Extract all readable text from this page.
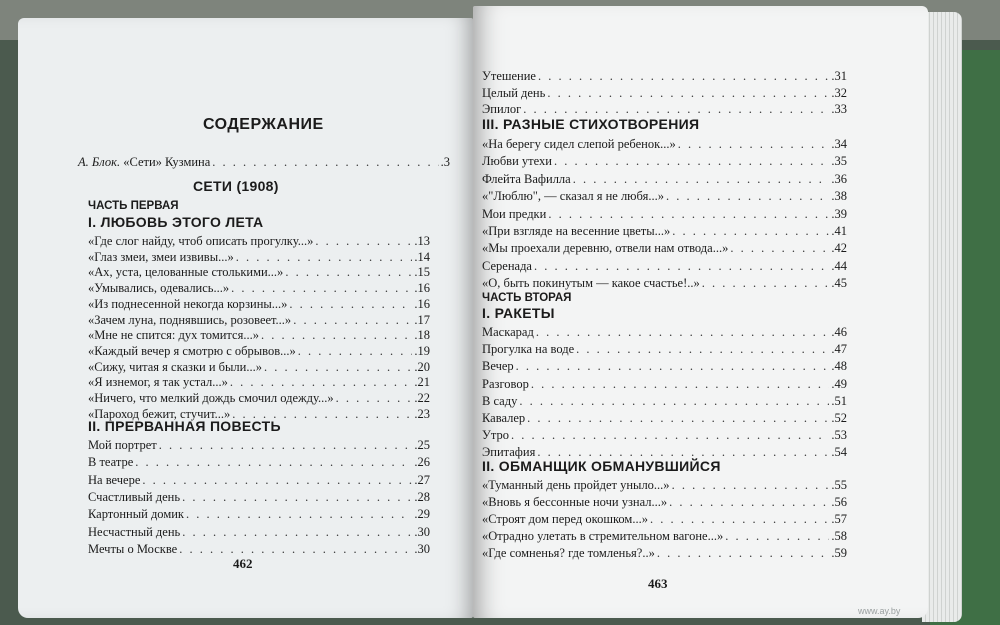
СОДЕРЖАНИЕ
А. Блок. «Сети» Кузмина . . .	.3
СЕТИ (1908)
ЧАСТЬ ПЕРВАЯ
I. ЛЮБОВЬ ЭТОГО ЛЕТА
«Где слог найду, чтоб описать прогулку...» . . .	.13
«Глаз змеи, змеи извивы...» . . .	.14
«Ах, уста, целованные столькими...» . . .	.15
«Умывались, одевались...» . . .	.16
«Из поднесенной некогда корзины...» . . .	.16
«Зачем луна, поднявшись, розовеет...» . . .	.17
«Мне не спится: дух томится...» . . .	.18
«Каждый вечер я смотрю с обрывов...» . . .	.19
«Сижу, читая я сказки и были...» . . .	.20
«Я изнемог, я так устал...» . . .	.21
«Ничего, что мелкий дождь смочил одежду...» . . .	.22
«Пароход бежит, стучит...» . . .	.23
II. ПРЕРВАННАЯ ПОВЕСТЬ
Мой портрет . . .	.25
В театре . . .	.26
На вечере . . .	.27
Счастливый день . . .	.28
Картонный домик . . .	.29
Несчастный день . . .	.30
Мечты о Москве . . .	.30
462
Утешение . . .	.31
Целый день . . .	.32
Эпилог . . .	.33
III. РАЗНЫЕ СТИХОТВОРЕНИЯ
«На берегу сидел слепой ребенок...» . . .	.34
Любви утехи . . .	.35
Флейта Вафилла . . .	.36
«"Люблю", — сказал я не любя...» . . .	.38
Мои предки . . .	.39
«При взгляде на весенние цветы...» . . .	.41
«Мы проехали деревню, отвели нам отвода...» . . .	.42
Серенада . . .	.44
«О, быть покинутым — какое счастье!..» . . .	.45
ЧАСТЬ ВТОРАЯ
I. РАКЕТЫ
Маскарад . . .	.46
Прогулка на воде . . .	.47
Вечер . . .	.48
Разговор . . .	.49
В саду . . .	.51
Кавалер . . .	.52
Утро . . .	.53
Эпитафия . . .	.54
II. ОБМАНЩИК ОБМАНУВШИЙСЯ
«Туманный день пройдет уныло...» . . .	.55
«Вновь я бессонные ночи узнал...» . . .	.56
«Строят дом перед окошком...» . . .	.57
«Отрадно улетать в стремительном вагоне...» . . .	.58
«Где сомненья? где томленья?..» . . .	.59
463
www.ay.by
